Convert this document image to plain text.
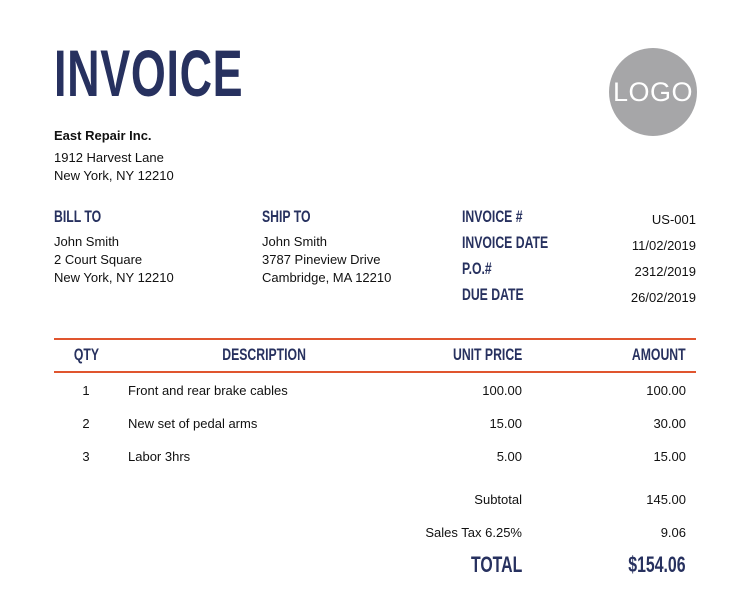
INVOICE	LOGO
East Repair Inc.
1912 Harvest Lane
New York, NY 12210
BILL TO
John Smith
2 Court Square
New York, NY 12210
SHIP TO
John Smith
3787 Pineview Drive
Cambridge, MA 12210
INVOICE #	US-001
INVOICE DATE	11/02/2019
P.O.#	2312/2019
DUE DATE	26/02/2019
QTY	DESCRIPTION	UNIT PRICE	AMOUNT
1	Front and rear brake cables	100.00	100.00
2	New set of pedal arms	15.00	30.00
3	Labor 3hrs	5.00	15.00
Subtotal	145.00
Sales Tax 6.25%	9.06
TOTAL	$154.06
